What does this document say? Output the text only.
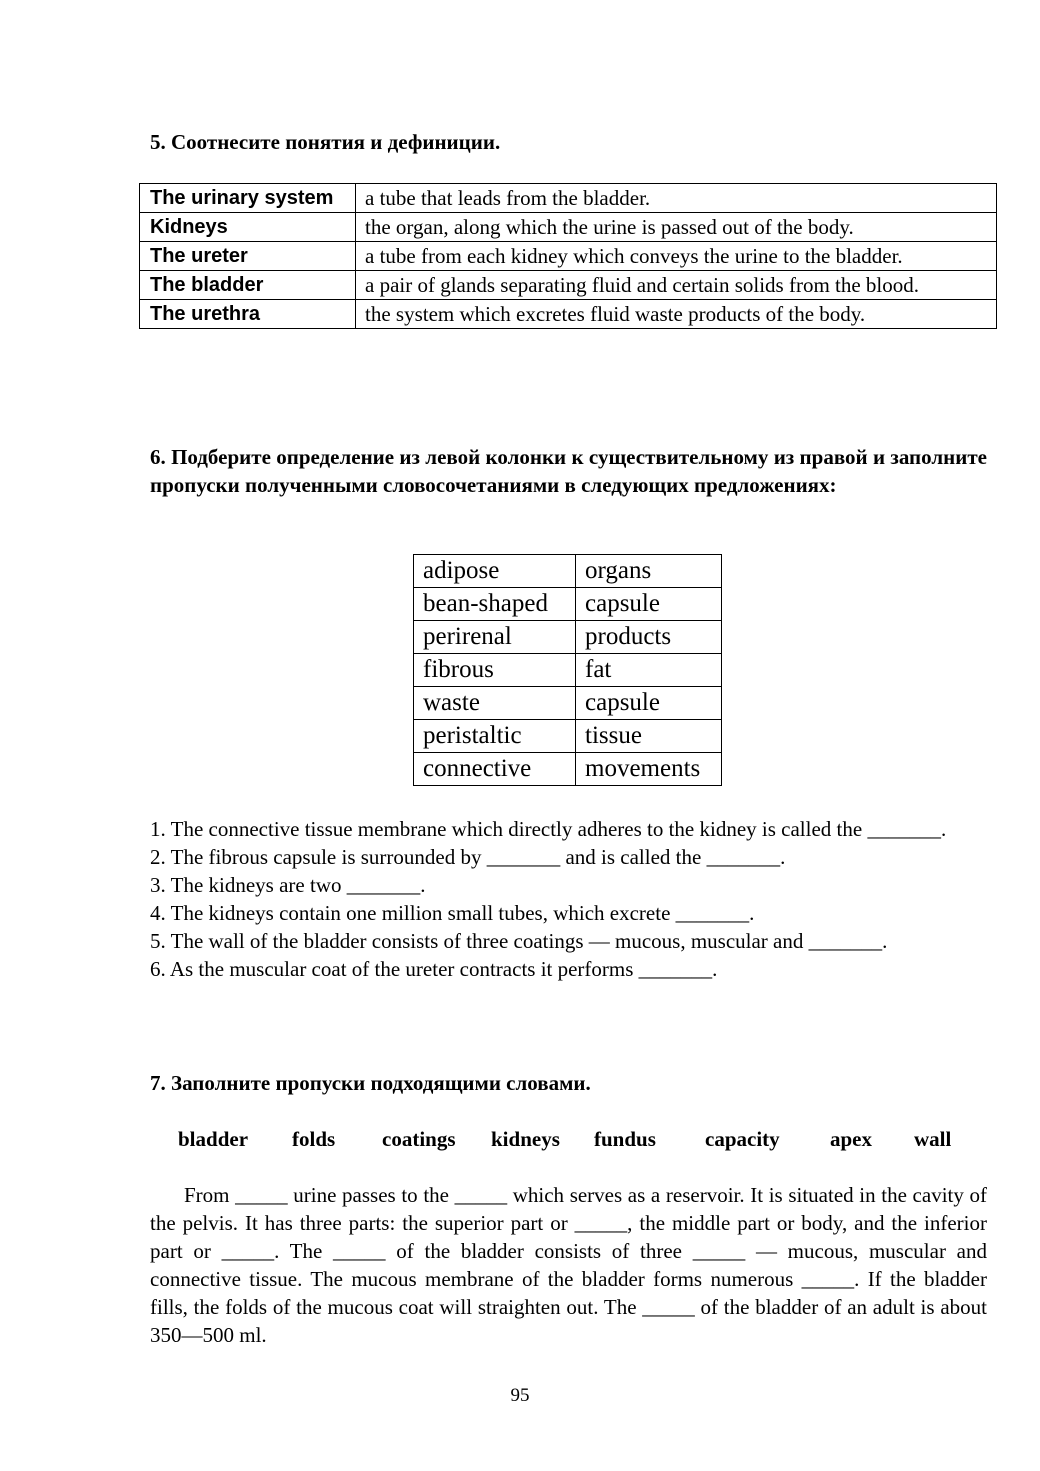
5. Соотнесите понятия и дефиниции.
The urinary system	a tube that leads from the bladder.
Kidneys	the organ, along which the urine is passed out of the body.
The ureter	a tube from each kidney which conveys the urine to the bladder.
The bladder	a pair of glands separating fluid and certain solids from the blood.
The urethra	the system which excretes fluid waste products of the body.
6. Подберите определение из левой колонки к существительному из правой и заполните пропуски полученными словосочетаниями в следующих предложениях:
adipose	organs
bean-shaped	capsule
perirenal	products
fibrous	fat
waste	capsule
peristaltic	tissue
connective	movements
1. The connective tissue membrane which directly adheres to the kidney is called the _______.
2. The fibrous capsule is surrounded by _______ and is called the _______.
3. The kidneys are two _______.
4. The kidneys contain one million small tubes, which excrete _______.
5. The wall of the bladder consists of three coatings — mucous, muscular and _______.
6. As the muscular coat of the ureter contracts it performs _______.
7. Заполните пропуски подходящими словами.
bladder folds coatings kidneys fundus capacity apex wall
From _____ urine passes to the _____ which serves as a reservoir. It is situated in the cavity of the pelvis. It has three parts: the superior part or _____, the middle part or body, and the inferior part or _____. The _____ of the bladder consists of three _____ — mucous, muscular and connective tissue. The mucous membrane of the bladder forms numerous _____. If the bladder fills, the folds of the mucous coat will straighten out. The _____ of the bladder of an adult is about 350—500 ml.
95
